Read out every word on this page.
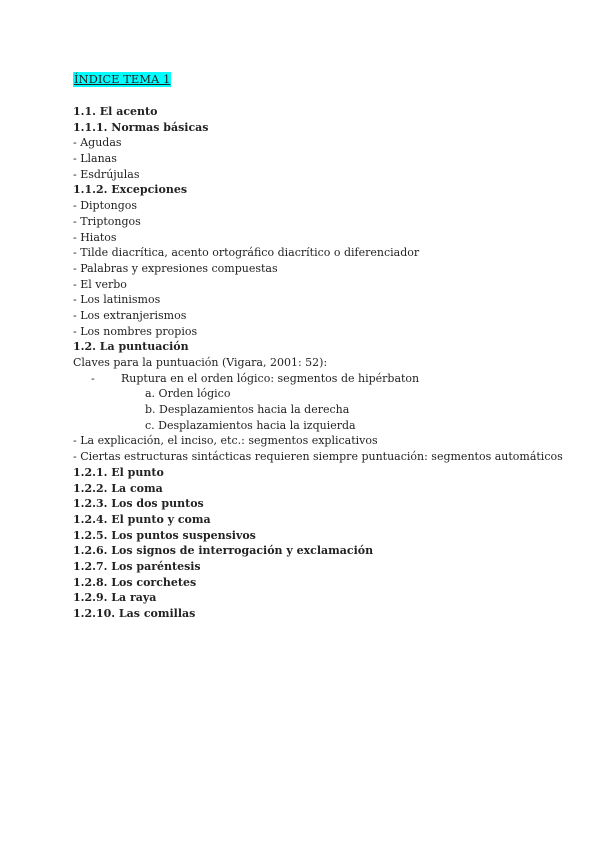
ÍNDICE TEMA 1
1.1. El acento
1.1.1. Normas básicas
- Agudas
- Llanas
- Esdrújulas
1.1.2. Excepciones
- Diptongos
- Triptongos
- Hiatos
- Tilde diacrítica, acento ortográfico diacrítico o diferenciador
- Palabras y expresiones compuestas
- El verbo
- Los latinismos
- Los extranjerismos
- Los nombres propios
1.2. La puntuación
Claves para la puntuación (Vigara, 2001: 52):
- Ruptura en el orden lógico: segmentos de hipérbaton
a. Orden lógico
b. Desplazamientos hacia la derecha
c. Desplazamientos hacia la izquierda
- La explicación, el inciso, etc.: segmentos explicativos
- Ciertas estructuras sintácticas requieren siempre puntuación: segmentos automáticos
1.2.1. El punto
1.2.2. La coma
1.2.3. Los dos puntos
1.2.4. El punto y coma
1.2.5. Los puntos suspensivos
1.2.6. Los signos de interrogación y exclamación
1.2.7. Los paréntesis
1.2.8. Los corchetes
1.2.9. La raya
1.2.10. Las comillas
